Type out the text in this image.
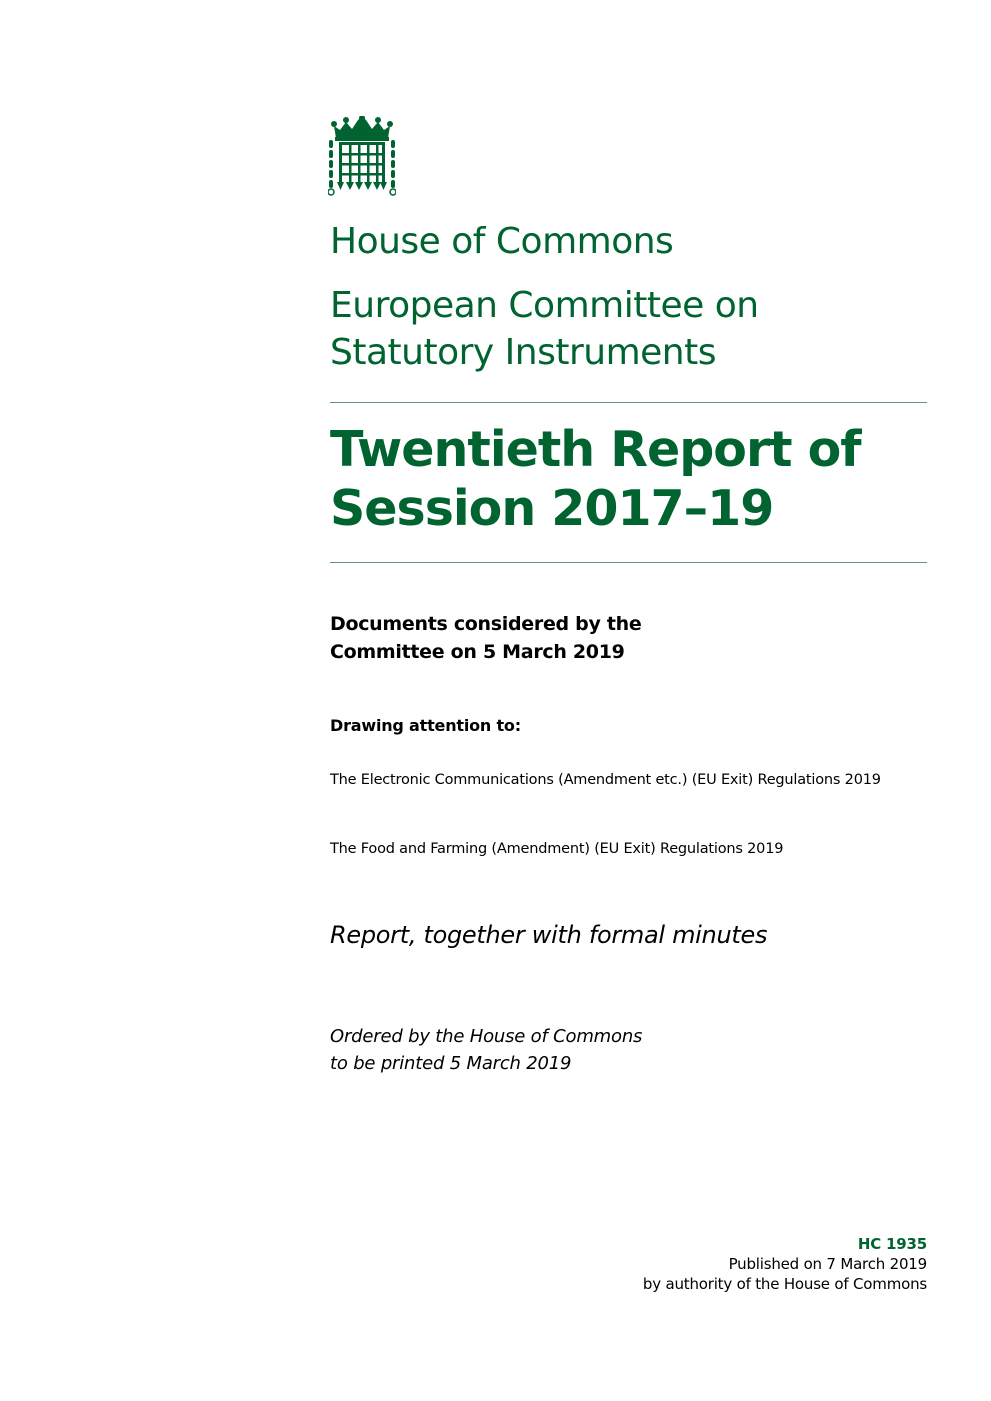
House of Commons
European Committee on
Statutory Instruments
Twentieth Report of
Session 2017–19

Documents considered by the
Committee on 5 March 2019

Drawing attention to:

The Electronic Communications (Amendment etc.) (EU Exit) Regulations 2019

The Food and Farming (Amendment) (EU Exit) Regulations 2019

Report, together with formal minutes

Ordered by the House of Commons
to be printed 5 March 2019

HC 1935
Published on 7 March 2019
by authority of the House of Commons
